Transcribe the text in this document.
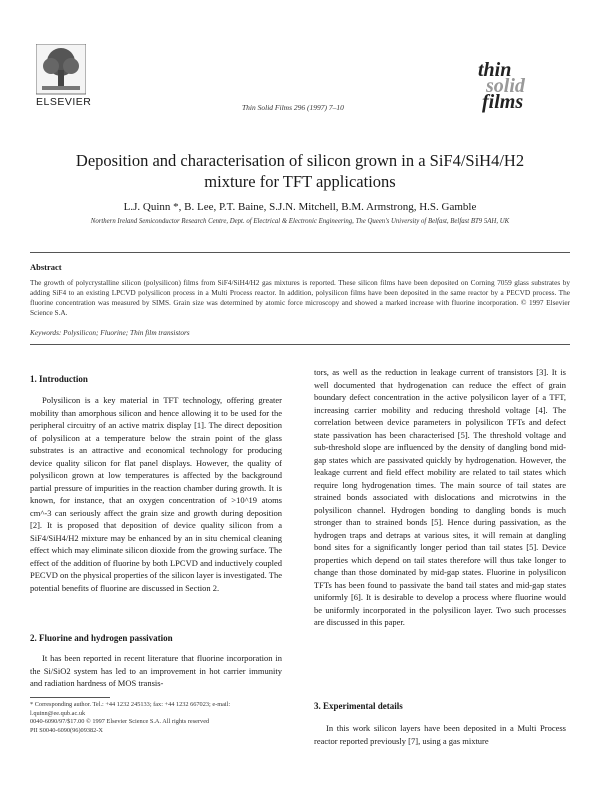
ELSEVIER	Thin Solid Films 296 (1997) 7–10
thin
solid
films
Deposition and characterisation of silicon grown in a SiF4/SiH4/H2 mixture for TFT applications
L.J. Quinn *, B. Lee, P.T. Baine, S.J.N. Mitchell, B.M. Armstrong, H.S. Gamble
Northern Ireland Semiconductor Research Centre, Dept. of Electrical & Electronic Engineering, The Queen's University of Belfast, Belfast BT9 5AH, UK
Abstract
The growth of polycrystalline silicon (polysilicon) films from SiF4/SiH4/H2 gas mixtures is reported. These silicon films have been deposited on Corning 7059 glass substrates by adding SiF4 to an existing LPCVD polysilicon process in a Multi Process reactor. In addition, polysilicon films have been deposited in the same reactor by a PECVD process. The fluorine concentration was measured by SIMS. Grain size was determined by atomic force microscopy and showed a marked increase with fluorine incorporation. © 1997 Elsevier Science S.A.
Keywords: Polysilicon; Fluorine; Thin film transistors
1. Introduction

Polysilicon is a key material in TFT technology, offering greater mobility than amorphous silicon and hence allowing it to be used for the peripheral circuitry of an active matrix display [1]. The direct deposition of polysilicon at a temperature below the strain point of the glass substrates is an attractive and economical technology for producing device quality silicon for flat panel displays. However, the quality of polysilicon grown at low temperatures is affected by the background partial pressure of impurities in the reaction chamber during growth. It is known, for instance, that an oxygen concentration of >10^19 atoms cm^-3 can seriously affect the grain size and growth during deposition [2]. It is proposed that deposition of device quality silicon from a SiF4/SiH4/H2 mixture may be enhanced by an in situ chemical cleaning effect which may eliminate silicon dioxide from the growing surface. The effect of the addition of fluorine by both LPCVD and inductively coupled PECVD on the physical properties of the silicon layer is investigated. The potential benefits of fluorine are discussed in Section 2.

2. Fluorine and hydrogen passivation

It has been reported in recent literature that fluorine incorporation in the Si/SiO2 system has led to an improvement in hot carrier immunity and radiation hardness of MOS transis-

* Corresponding author. Tel.: +44 1232 245133; fax: +44 1232 667023; e-mail: l.quinn@ee.qub.ac.uk
0040-6090/97/$17.00 © 1997 Elsevier Science S.A. All rights reserved
PII S0040-6090(96)09382-X

tors, as well as the reduction in leakage current of transistors [3]. It is well documented that hydrogenation can reduce the effect of grain boundary defect concentration in the active polysilicon layer of a TFT, increasing carrier mobility and reducing threshold voltage [4]. The correlation between device parameters in polysilicon TFTs and defect state passivation has been characterised [5]. The threshold voltage and sub-threshold slope are influenced by the density of dangling bond mid-gap states which are passivated quickly by hydrogenation. However, the leakage current and field effect mobility are related to tail states which require long hydrogenation times. The main source of tail states are strained bonds associated with dislocations and microtwins in the polysilicon channel. Hydrogen bonding to dangling bonds is much stronger than to strained bonds [5]. Hence during passivation, as the hydrogen traps and detraps at various sites, it will remain at dangling bond sites for a significantly longer period than tail states [5]. Device properties which depend on tail states therefore will thus take longer to change than those dominated by mid-gap states. Fluorine in polysilicon TFTs has been found to passivate the band tail states and mid-gap states uniformly [6]. It is desirable to develop a process where fluorine would be uniformly incorporated in the polysilicon layer. Two such processes are discussed in this paper.

3. Experimental details

In this work silicon layers have been deposited in a Multi Process reactor reported previously [7], using a gas mixture
